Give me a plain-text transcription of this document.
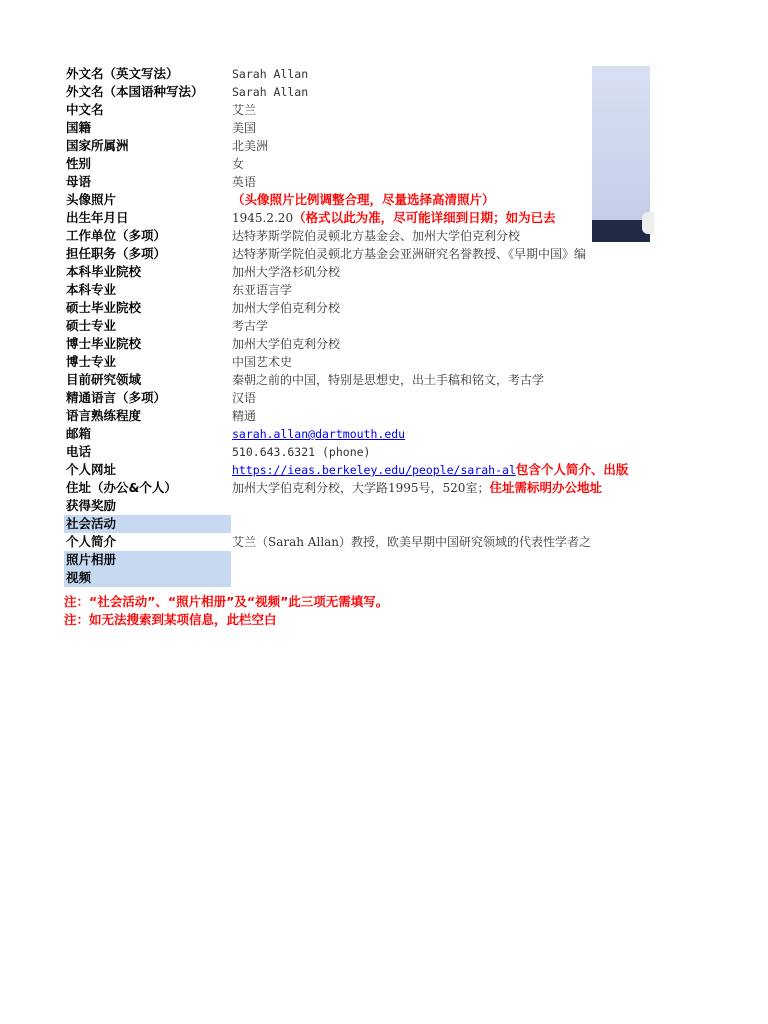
外文名（英文写法）	Sarah Allan
外文名（本国语种写法）	Sarah Allan
中文名	艾兰
国籍	美国
国家所属洲	北美洲
性别	女
母语	英语
头像照片	（头像照片比例调整合理，尽量选择高清照片）
出生年月日	1945.2.20（格式以此为准，尽可能详细到日期；如为已去
工作单位（多项）	达特茅斯学院伯灵顿北方基金会、加州大学伯克利分校
担任职务（多项）	达特茅斯学院伯灵顿北方基金会亚洲研究名誉教授、《早期中国》编
本科毕业院校	加州大学洛杉矶分校
本科专业	东亚语言学
硕士毕业院校	加州大学伯克利分校
硕士专业	考古学
博士毕业院校	加州大学伯克利分校
博士专业	中国艺术史
目前研究领域	秦朝之前的中国，特别是思想史，出土手稿和铭文，考古学
精通语言（多项）	汉语
语言熟练程度	精通
邮箱	sarah.allan@dartmouth.edu
电话	510.643.6321 (phone)
个人网址	https://ieas.berkeley.edu/people/sarah-al包含个人简介、出版
住址（办公&个人）	加州大学伯克利分校，大学路1995号，520室；住址需标明办公地址
获得奖励
社会活动
个人简介	艾兰（Sarah Allan）教授，欧美早期中国研究领域的代表性学者之
照片相册
视频
注：“社会活动”、“照片相册”及“视频”此三项无需填写。
注：如无法搜索到某项信息，此栏空白
